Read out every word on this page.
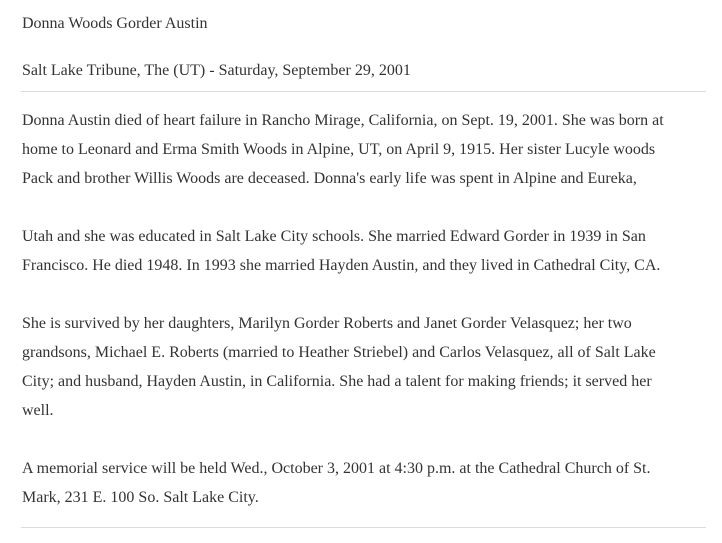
Donna Woods Gorder Austin
Salt Lake Tribune, The (UT) - Saturday, September 29, 2001

Donna Austin died of heart failure in Rancho Mirage, California, on Sept. 19, 2001. She was born at
home to Leonard and Erma Smith Woods in Alpine, UT, on April 9, 1915. Her sister Lucyle woods
Pack and brother Willis Woods are deceased. Donna's early life was spent in Alpine and Eureka,

Utah and she was educated in Salt Lake City schools. She married Edward Gorder in 1939 in San
Francisco. He died 1948. In 1993 she married Hayden Austin, and they lived in Cathedral City, CA.

She is survived by her daughters, Marilyn Gorder Roberts and Janet Gorder Velasquez; her two
grandsons, Michael E. Roberts (married to Heather Striebel) and Carlos Velasquez, all of Salt Lake
City; and husband, Hayden Austin, in California. She had a talent for making friends; it served her
well.

A memorial service will be held Wed., October 3, 2001 at 4:30 p.m. at the Cathedral Church of St.
Mark, 231 E. 100 So. Salt Lake City.
